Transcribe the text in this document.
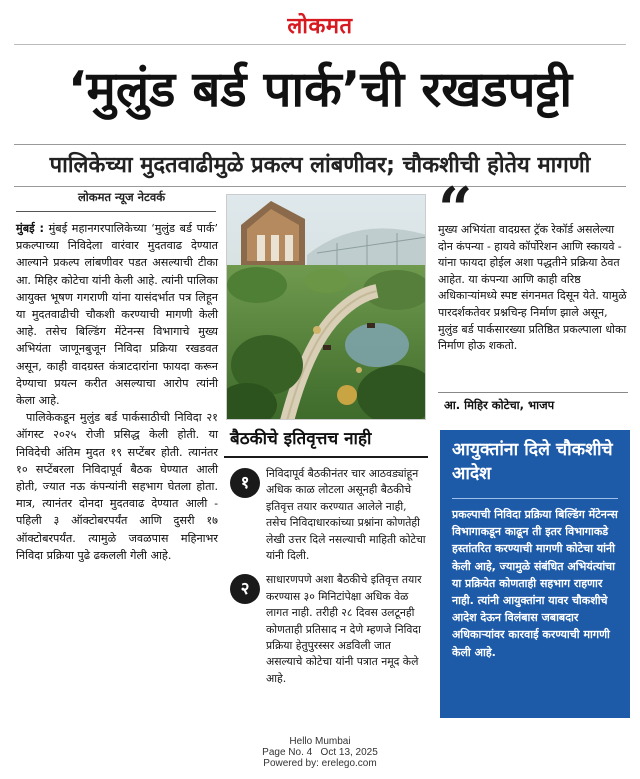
लोकमत
‘मुलुंड बर्ड पार्क’ची रखडपट्टी
पालिकेच्या मुदतवाढीमुळे प्रकल्प लांबणीवर; चौकशीची होतेय मागणी
लोकमत न्यूज नेटवर्क

मुंबई : मुंबई महानगरपालिकेच्या ‘मुलुंड बर्ड पार्क’ प्रकल्पाच्या निविदेला वारंवार मुदतवाढ देण्यात आल्याने प्रकल्प लांबणीवर पडत असल्याची टीका आ. मिहिर कोटेचा यांनी केली आहे. त्यांनी पालिका आयुक्त भूषण गगराणी यांना यासंदर्भात पत्र लिहून या मुदतवाढीची चौकशी करण्याची मागणी केली आहे. तसेच बिल्डिंग मेंटेनन्स विभागाचे मुख्य अभियंता जाणूनबुजून निविदा प्रक्रिया रखडवत असून, काही वादग्रस्त कंत्राटदारांना फायदा करून देण्याचा प्रयत्न करीत असल्याचा आरोप त्यांनी केला आहे.

पालिकेकडून मुलुंड बर्ड पार्कसाठीची निविदा २१ ऑगस्ट २०२५ रोजी प्रसिद्ध केली होती. या निविदेची अंतिम मुदत १९ सप्टेंबर होती. त्यानंतर १० सप्टेंबरला निविदापूर्व बैठक घेण्यात आली होती, ज्यात नऊ कंपन्यांनी सहभाग घेतला होता. मात्र, त्यानंतर दोनदा मुदतवाढ देण्यात आली - पहिली ३ ऑक्टोबरपर्यंत आणि दुसरी १७ ऑक्टोबरपर्यंत. त्यामुळे जवळपास महिनाभर निविदा प्रक्रिया पुढे ढकलली गेली आहे.

बैठकीचे इतिवृत्तच नाही
१	निविदापूर्व बैठकीनंतर चार आठवड्यांहून अधिक काळ लोटला असूनही बैठकीचे इतिवृत्त तयार करण्यात आलेले नाही, तसेच निविदाधारकांच्या प्रश्नांना कोणतेही लेखी उत्तर दिले नसल्याची माहिती कोटेचा यांनी दिली.
२	साधारणपणे अशा बैठकीचे इतिवृत्त तयार करण्यास ३० मिनिटांपेक्षा अधिक वेळ लागत नाही. तरीही २८ दिवस उलटूनही कोणताही प्रतिसाद न देणे म्हणजे निविदा प्रक्रिया हेतुपुरस्सर अडविली जात असल्याचे कोटेचा यांनी पत्रात नमूद केले आहे.
“
मुख्य अभियंता वादग्रस्त ट्रॅक रेकॉर्ड असलेल्या दोन कंपन्या - हायवे कॉर्पोरेशन आणि स्कायवे - यांना फायदा होईल अशा पद्धतीने प्रक्रिया ठेवत आहेत. या कंपन्या आणि काही वरिष्ठ अधिकाऱ्यांमध्ये स्पष्ट संगनमत दिसून येते. यामुळे पारदर्शकतेवर प्रश्नचिन्ह निर्माण झाले असून, मुलुंड बर्ड पार्कसारख्या प्रतिष्ठित प्रकल्पाला धोका निर्माण होऊ शकतो.
आ. मिहिर कोटेचा, भाजप
आयुक्तांना दिले चौकशीचे आदेश
प्रकल्पाची निविदा प्रक्रिया बिल्डिंग मेंटेनन्स विभागाकडून काढून ती इतर विभागाकडे हस्तांतरित करण्याची मागणी कोटेचा यांनी केली आहे, ज्यामुळे संबंधित अभियंत्यांचा या प्रक्रियेत कोणताही सहभाग राहणार नाही. त्यांनी आयुक्तांना यावर चौकशीचे आदेश देऊन विलंबास जबाबदार अधिकाऱ्यांवर कारवाई करण्याची मागणी केली आहे.
Hello Mumbai
Page No. 4   Oct 13, 2025
Powered by: erelego.com
